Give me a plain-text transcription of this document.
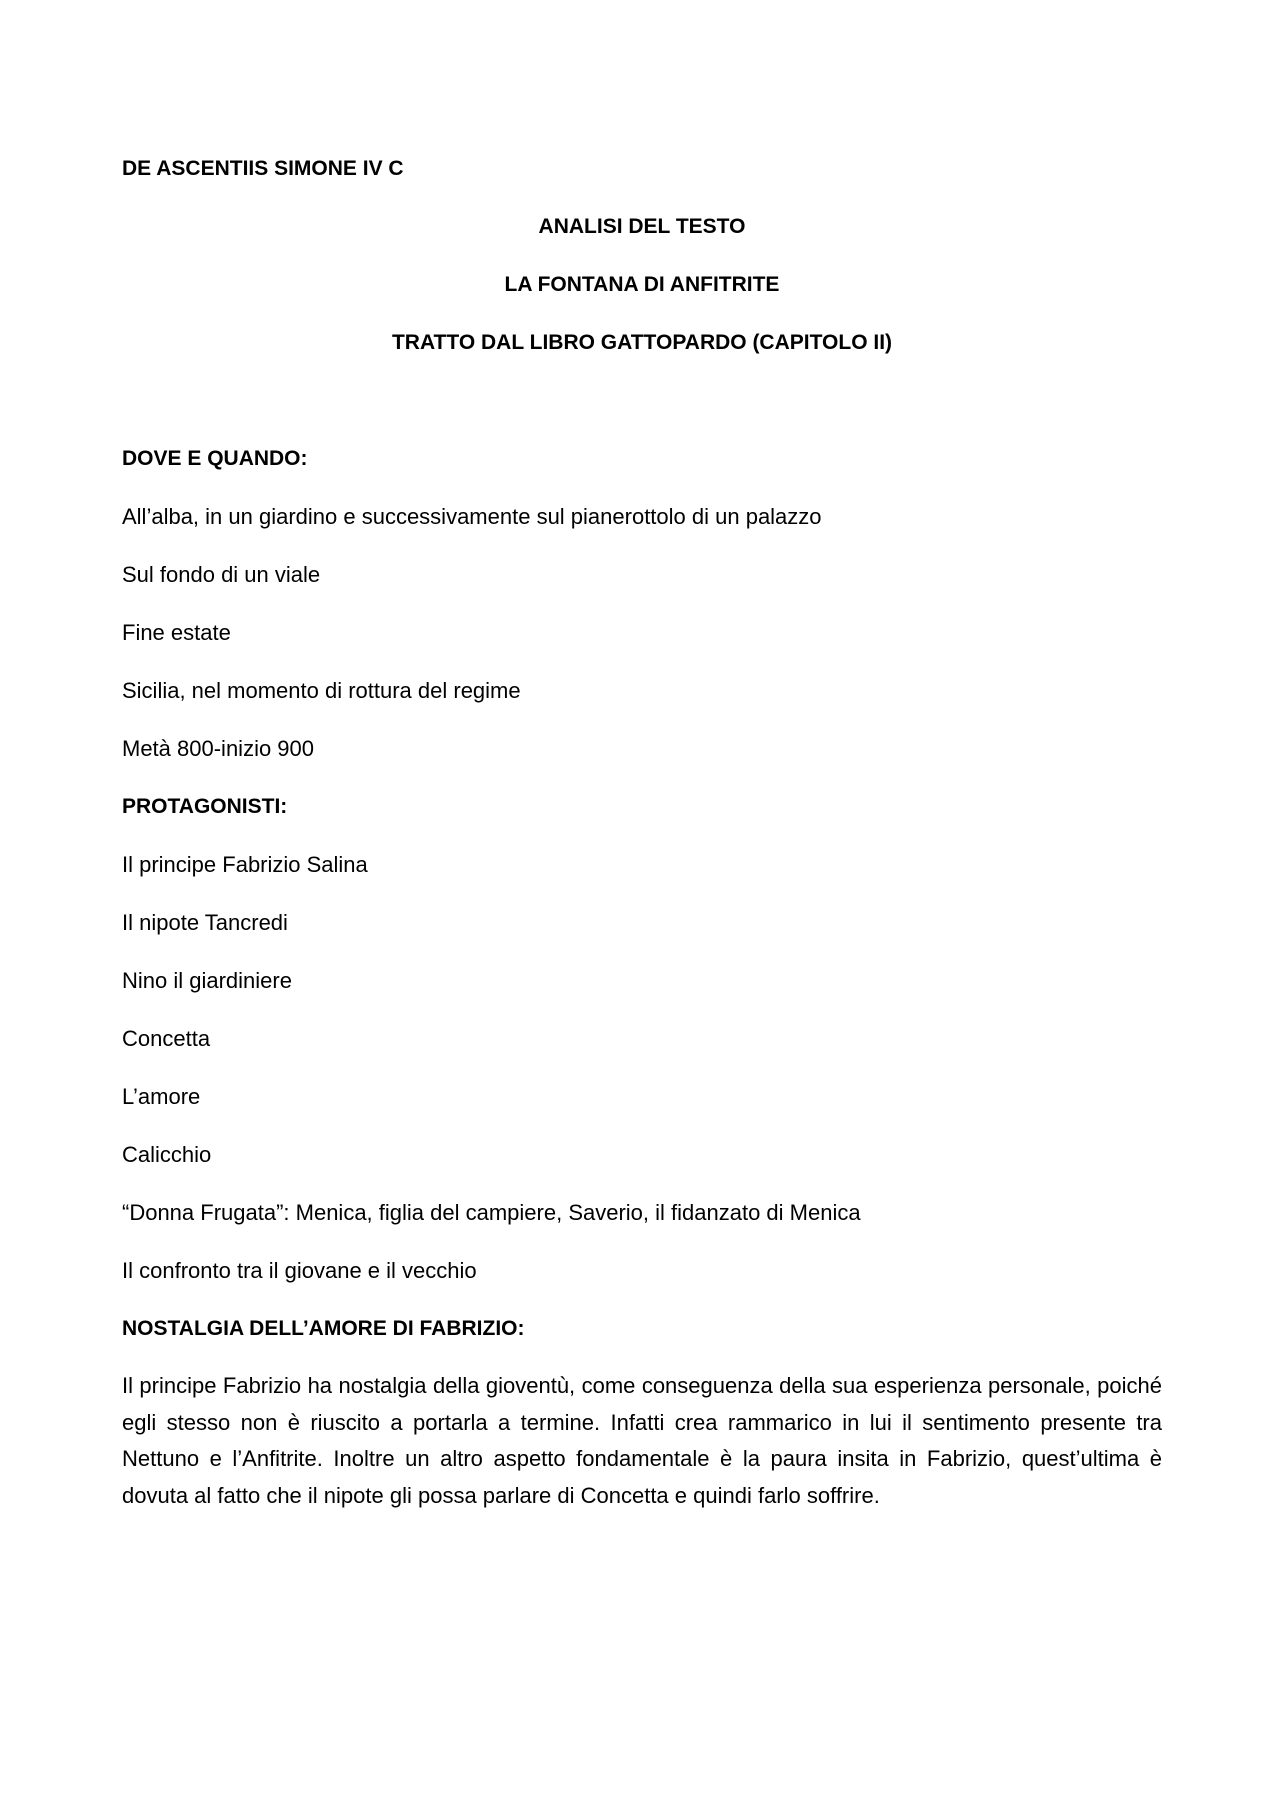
DE ASCENTIIS SIMONE IV C
ANALISI DEL TESTO
LA FONTANA DI ANFITRITE
TRATTO DAL LIBRO GATTOPARDO (CAPITOLO II)
DOVE E QUANDO:
All’alba, in un giardino e successivamente sul pianerottolo di un palazzo
Sul fondo di un viale
Fine estate
Sicilia, nel momento di rottura del regime
Metà 800-inizio 900
PROTAGONISTI:
Il principe Fabrizio Salina
Il nipote Tancredi
Nino il giardiniere
Concetta
L’amore
Calicchio
“Donna Frugata”: Menica, figlia del campiere, Saverio, il fidanzato di Menica
Il confronto tra il giovane e il vecchio
NOSTALGIA DELL’AMORE DI FABRIZIO:
Il principe Fabrizio ha nostalgia della gioventù, come conseguenza della sua esperienza personale, poiché egli stesso non è riuscito a portarla a termine. Infatti crea rammarico in lui il sentimento presente tra Nettuno e l’Anfitrite. Inoltre un altro aspetto fondamentale è la paura insita in Fabrizio, quest’ultima è dovuta al fatto che il nipote gli possa parlare di Concetta e quindi farlo soffrire.
